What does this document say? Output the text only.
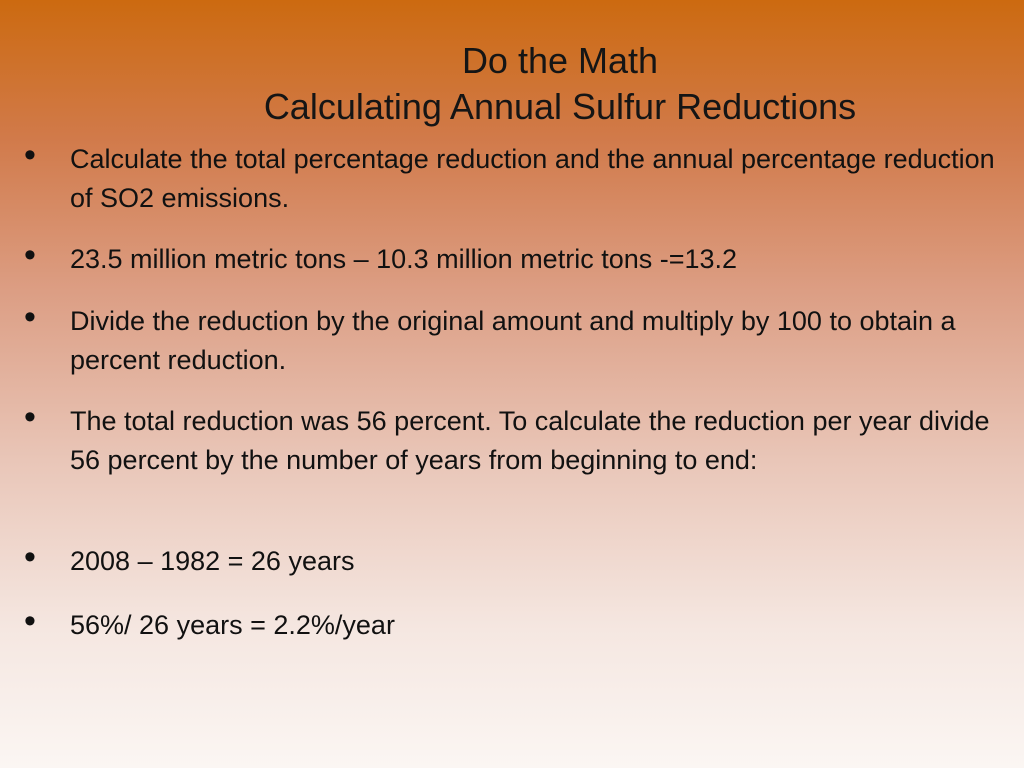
Do the Math
Calculating Annual Sulfur Reductions
• Calculate the total percentage reduction and the annual percentage reduction of SO2 emissions.
• 23.5 million metric tons – 10.3 million metric tons -=13.2
• Divide the reduction by the original amount and multiply by 100 to obtain a percent reduction.
• The total reduction was 56 percent. To calculate the reduction per year divide 56 percent by the number of years from beginning to end:
• 2008 – 1982 = 26 years
• 56%/ 26 years = 2.2%/year
